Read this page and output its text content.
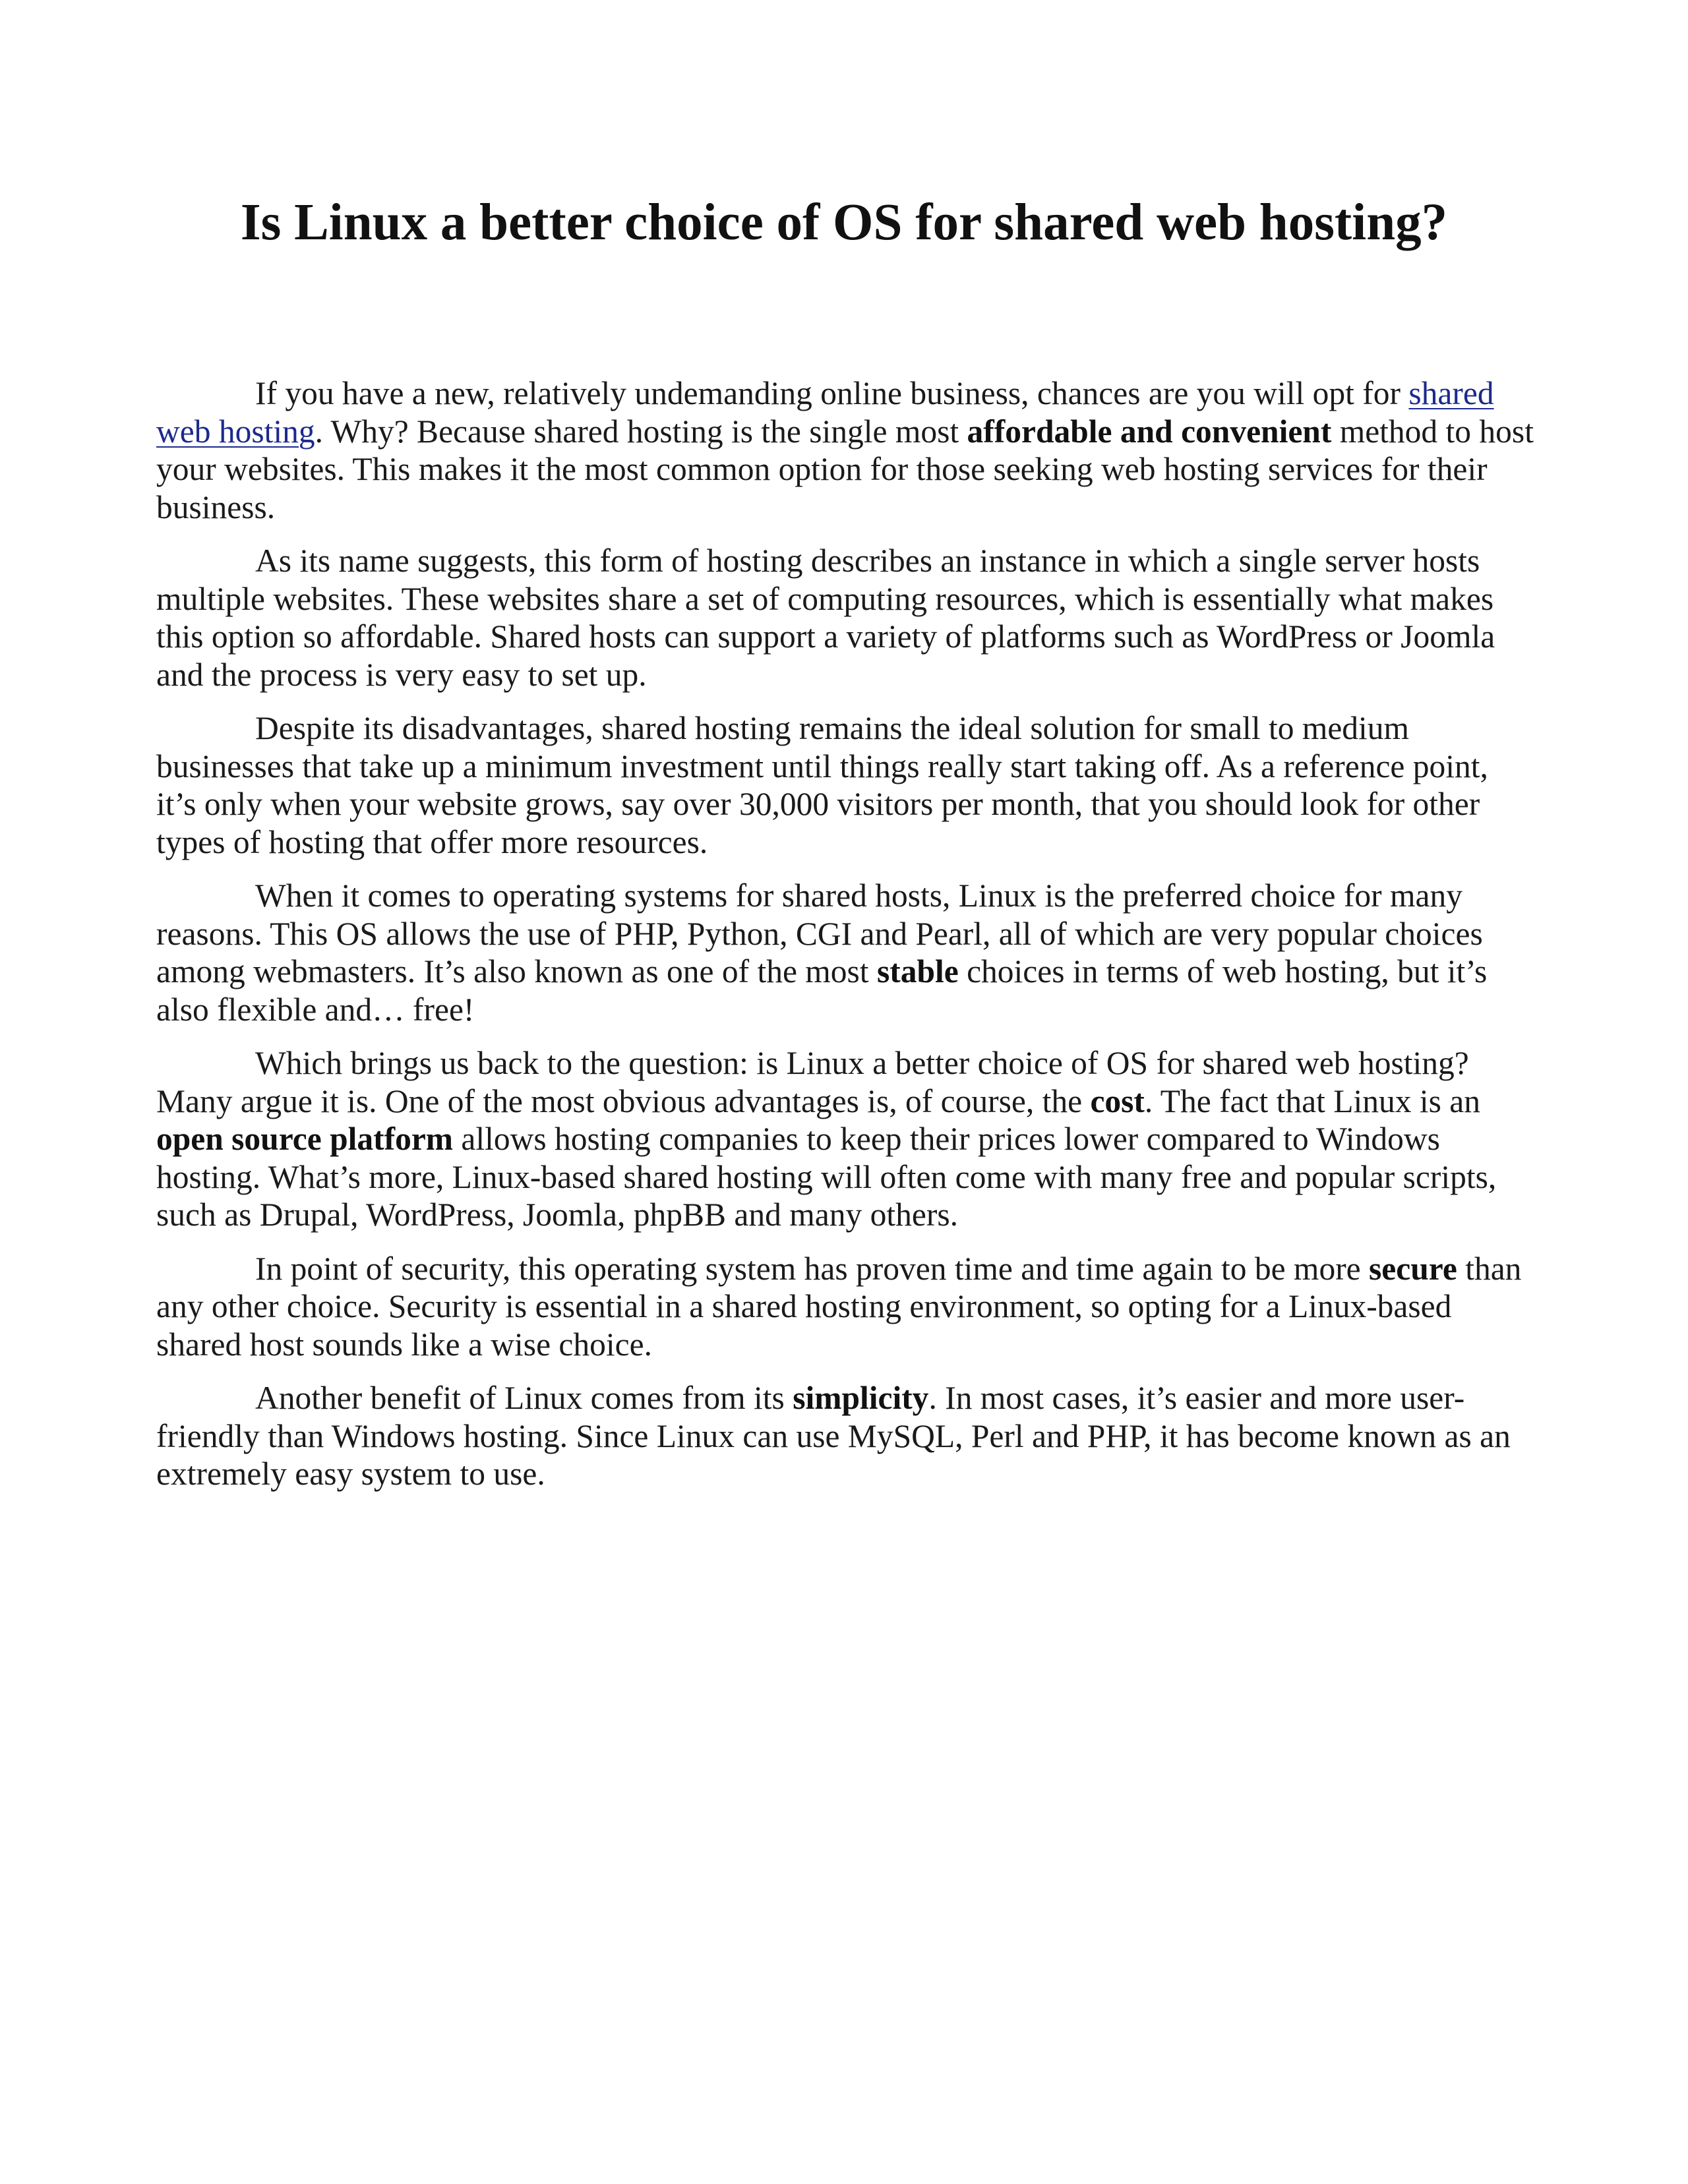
Is Linux a better choice of OS for shared web hosting?

If you have a new, relatively undemanding online business, chances are you will opt for shared web hosting. Why? Because shared hosting is the single most affordable and convenient method to host your websites. This makes it the most common option for those seeking web hosting services for their business.

As its name suggests, this form of hosting describes an instance in which a single server hosts multiple websites. These websites share a set of computing resources, which is essentially what makes this option so affordable. Shared hosts can support a variety of platforms such as WordPress or Joomla and the process is very easy to set up.

Despite its disadvantages, shared hosting remains the ideal solution for small to medium businesses that take up a minimum investment until things really start taking off. As a reference point, it’s only when your website grows, say over 30,000 visitors per month, that you should look for other types of hosting that offer more resources.

When it comes to operating systems for shared hosts, Linux is the preferred choice for many reasons. This OS allows the use of PHP, Python, CGI and Pearl, all of which are very popular choices among webmasters. It’s also known as one of the most stable choices in terms of web hosting, but it’s also flexible and… free!

Which brings us back to the question: is Linux a better choice of OS for shared web hosting? Many argue it is. One of the most obvious advantages is, of course, the cost. The fact that Linux is an open source platform allows hosting companies to keep their prices lower compared to Windows hosting. What’s more, Linux-based shared hosting will often come with many free and popular scripts, such as Drupal, WordPress, Joomla, phpBB and many others.

In point of security, this operating system has proven time and time again to be more secure than any other choice. Security is essential in a shared hosting environment, so opting for a Linux-based shared host sounds like a wise choice.

Another benefit of Linux comes from its simplicity. In most cases, it’s easier and more user-friendly than Windows hosting. Since Linux can use MySQL, Perl and PHP, it has become known as an extremely easy system to use.
